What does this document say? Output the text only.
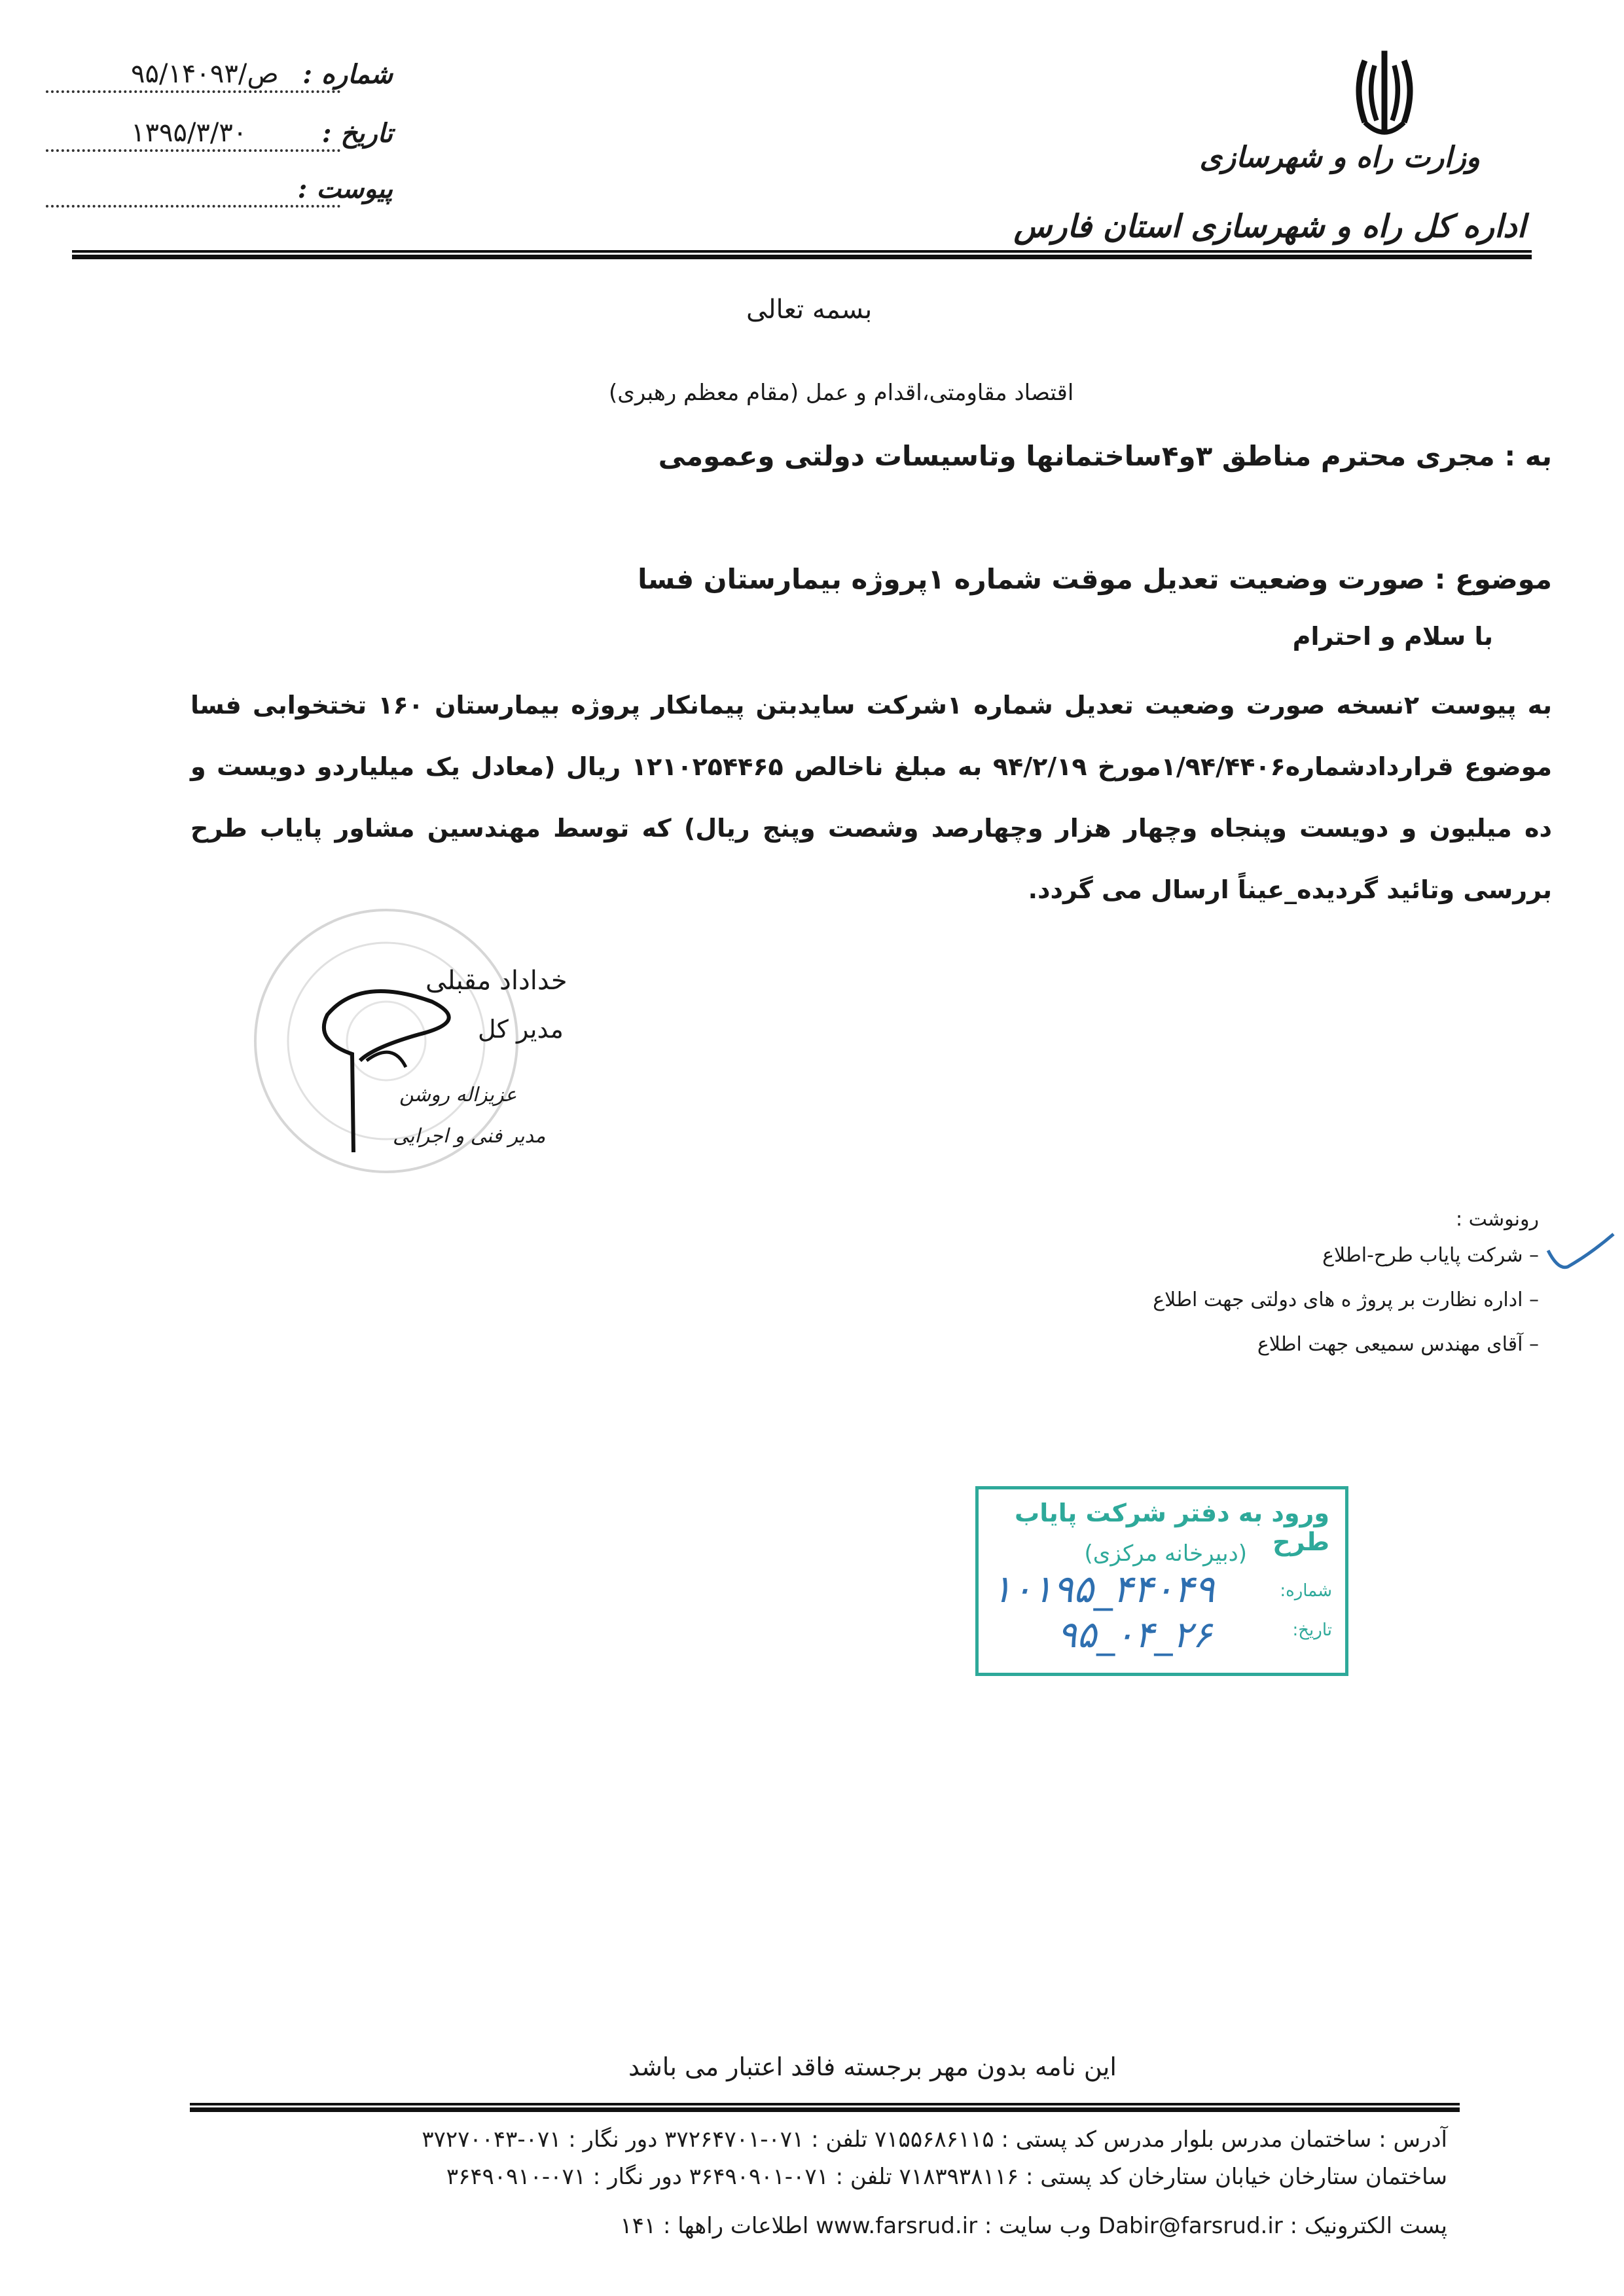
وزارت راه و شهرسازی
اداره کل راه و شهرسازی استان فارس
شماره :
۹۵/۱۴۰۹۳/ص
تاریخ :
۱۳۹۵/۳/۳۰
پیوست :
بسمه تعالی
اقتصاد مقاومتی،اقدام و عمل (مقام معظم رهبری)
به : مجری محترم مناطق ۳و۴ساختمانها وتاسیسات دولتی وعمومی
موضوع : صورت وضعیت تعدیل موقت شماره ۱پروژه بیمارستان فسا
با سلام و احترام
به پیوست ۲نسخه صورت وضعیت تعدیل شماره ۱شرکت سایدبتن پیمانکار پروژه بیمارستان ۱۶۰ تختخوابی فسا موضوع قراردادشماره۱/۹۴/۴۴۰۶مورخ ۹۴/۲/۱۹ به مبلغ ناخالص ۱۲۱۰۲۵۴۴۶۵ ریال (معادل یک میلیاردو دویست و ده میلیون و دویست وپنجاه وچهار هزار وچهارصد وشصت وپنج ریال) که توسط مهندسین مشاور پایاب طرح بررسی وتائید گردیده_عیناً ارسال می گردد.
خداداد مقبلی
مدیر کل
عزیزاله روشن
مدیر فنی و اجرایی
رونوشت :
– شرکت پایاب طرح-اطلاع
– اداره نظارت بر پروژ ه های دولتی جهت اطلاع
– آقای مهندس سمیعی جهت اطلاع
ورود به دفتر شرکت پایاب طرح
(دبیرخانه مرکزی)
شماره:
تاریخ:
۱۰۱۹۵_۴۴۰۴۹
۹۵_۰۴_۲۶
این نامه بدون مهر برجسته فاقد اعتبار می باشد
آدرس : ساختمان مدرس بلوار مدرس کد پستی : ۷۱۵۵۶۸۶۱۱۵ تلفن : ۰۷۱-۳۷۲۶۴۷۰۱ دور نگار : ۰۷۱-۳۷۲۷۰۰۴۳
ساختمان ستارخان خیابان ستارخان کد پستی : ۷۱۸۳۹۳۸۱۱۶ تلفن : ۰۷۱-۳۶۴۹۰۹۰۱ دور نگار : ۰۷۱-۳۶۴۹۰۹۱۰
پست الکترونیک : Dabir@farsrud.ir وب سایت : www.farsrud.ir اطلاعات راهها : ۱۴۱
